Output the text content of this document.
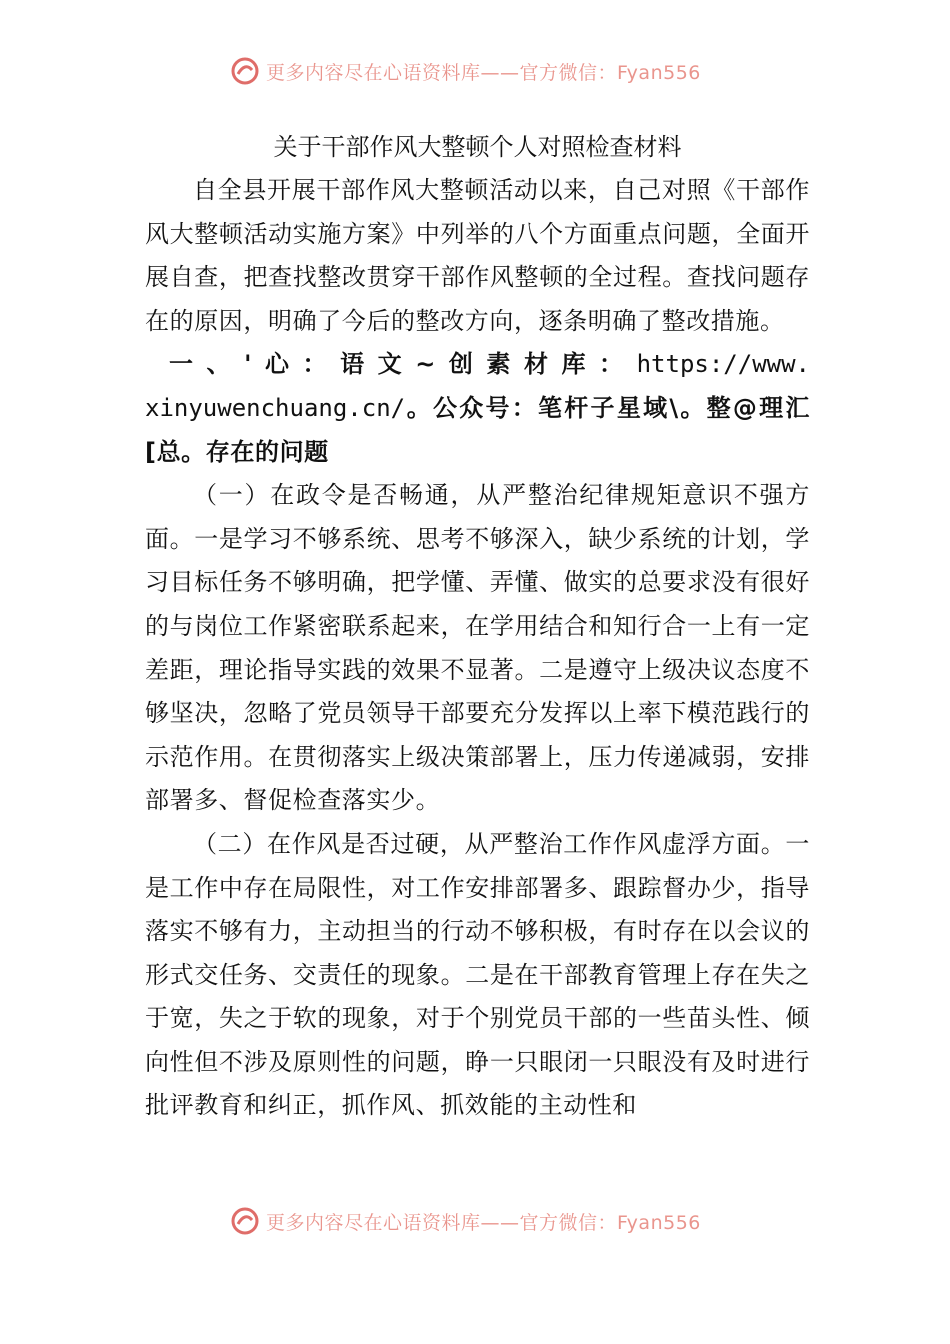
更多内容尽在心语资料库——官方微信：Fyan556
关于干部作风大整顿个人对照检查材料

自全县开展干部作风大整顿活动以来，自己对照《干部作风大整顿活动实施方案》中列举的八个方面重点问题，全面开展自查，把查找整改贯穿干部作风整顿的全过程。查找问题存在的原因，明确了今后的整改方向，逐条明确了整改措施。

一、'心：语文~创素材库：https://www.xinyuwenchuang.cn/。公众号：笔杆子星域\。整@理汇[总。存在的问题

（一）在政令是否畅通，从严整治纪律规矩意识不强方面。一是学习不够系统、思考不够深入，缺少系统的计划，学习目标任务不够明确，把学懂、弄懂、做实的总要求没有很好的与岗位工作紧密联系起来，在学用结合和知行合一上有一定差距，理论指导实践的效果不显著。二是遵守上级决议态度不够坚决，忽略了党员领导干部要充分发挥以上率下模范践行的示范作用。在贯彻落实上级决策部署上，压力传递减弱，安排部署多、督促检查落实少。

（二）在作风是否过硬，从严整治工作作风虚浮方面。一是工作中存在局限性，对工作安排部署多、跟踪督办少，指导落实不够有力，主动担当的行动不够积极，有时存在以会议的形式交任务、交责任的现象。二是在干部教育管理上存在失之于宽，失之于软的现象，对于个别党员干部的一些苗头性、倾向性但不涉及原则性的问题，睁一只眼闭一只眼没有及时进行批评教育和纠正，抓作风、抓效能的主动性和

更多内容尽在心语资料库——官方微信：Fyan556
